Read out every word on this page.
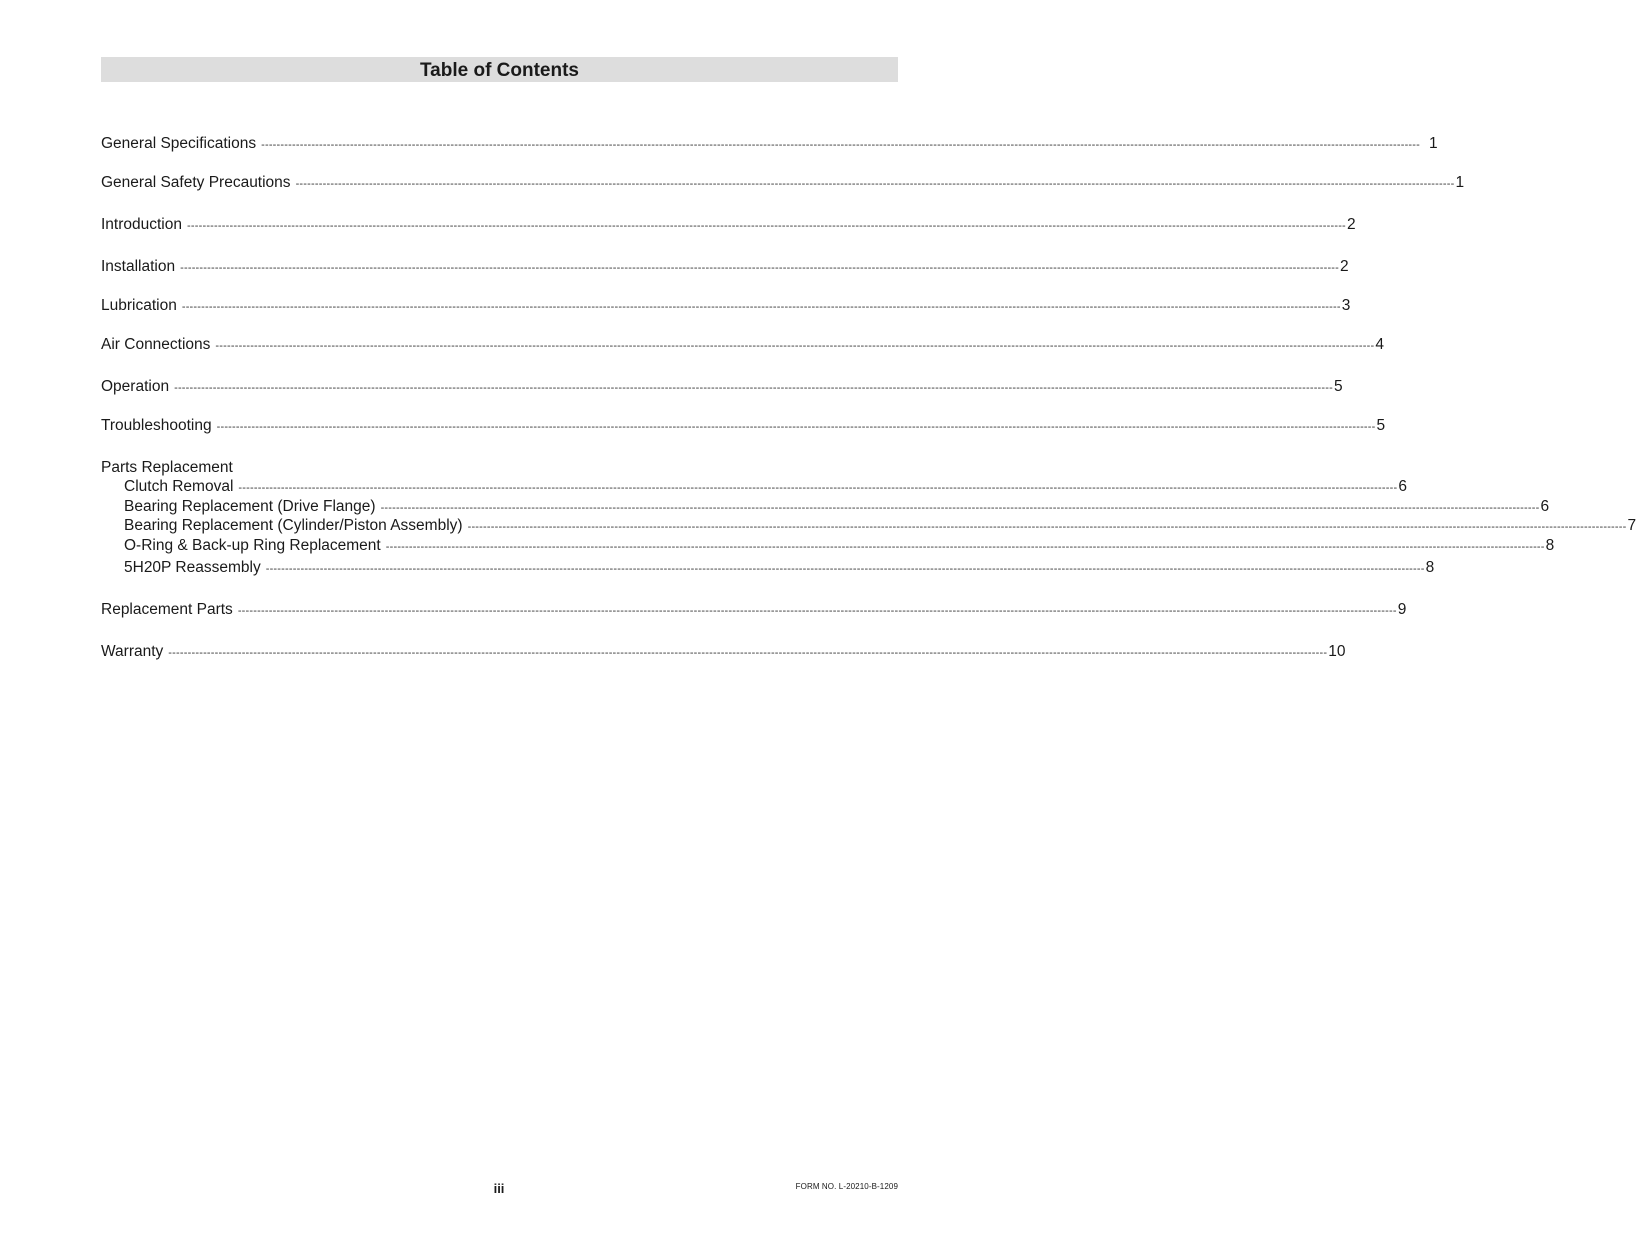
Table of Contents
General Specifications ------------------------------------------------------------------------------------------------------------------------------------------------------------------------------------------------------------------------------------------------------------------------------------------------------------ 1
General Safety Precautions ------------------------------------------------------------------------------------------------------------------------------------------------------------------------------------------------------------------------------------------------------------------------------------------------------------ 1
Introduction ------------------------------------------------------------------------------------------------------------------------------------------------------------------------------------------------------------------------------------------------------------------------------------------------------------ 2
Installation ------------------------------------------------------------------------------------------------------------------------------------------------------------------------------------------------------------------------------------------------------------------------------------------------------------ 2
Lubrication ------------------------------------------------------------------------------------------------------------------------------------------------------------------------------------------------------------------------------------------------------------------------------------------------------------ 3
Air Connections ------------------------------------------------------------------------------------------------------------------------------------------------------------------------------------------------------------------------------------------------------------------------------------------------------------ 4
Operation ------------------------------------------------------------------------------------------------------------------------------------------------------------------------------------------------------------------------------------------------------------------------------------------------------------ 5
Troubleshooting ------------------------------------------------------------------------------------------------------------------------------------------------------------------------------------------------------------------------------------------------------------------------------------------------------------ 5
Parts Replacement
Clutch Removal ------------------------------------------------------------------------------------------------------------------------------------------------------------------------------------------------------------------------------------------------------------------------------------------------------------ 6
Bearing Replacement (Drive Flange) ------------------------------------------------------------------------------------------------------------------------------------------------------------------------------------------------------------------------------------------------------------------------------------------------------------ 6
Bearing Replacement (Cylinder/Piston Assembly) ------------------------------------------------------------------------------------------------------------------------------------------------------------------------------------------------------------------------------------------------------------------------------------------------------------ 7
O-Ring & Back-up Ring Replacement ------------------------------------------------------------------------------------------------------------------------------------------------------------------------------------------------------------------------------------------------------------------------------------------------------------ 8
5H20P Reassembly ------------------------------------------------------------------------------------------------------------------------------------------------------------------------------------------------------------------------------------------------------------------------------------------------------------ 8
Replacement Parts ------------------------------------------------------------------------------------------------------------------------------------------------------------------------------------------------------------------------------------------------------------------------------------------------------------ 9
Warranty ------------------------------------------------------------------------------------------------------------------------------------------------------------------------------------------------------------------------------------------------------------------------------------------------------------ 10
iii	FORM NO. L-20210-B-1209
